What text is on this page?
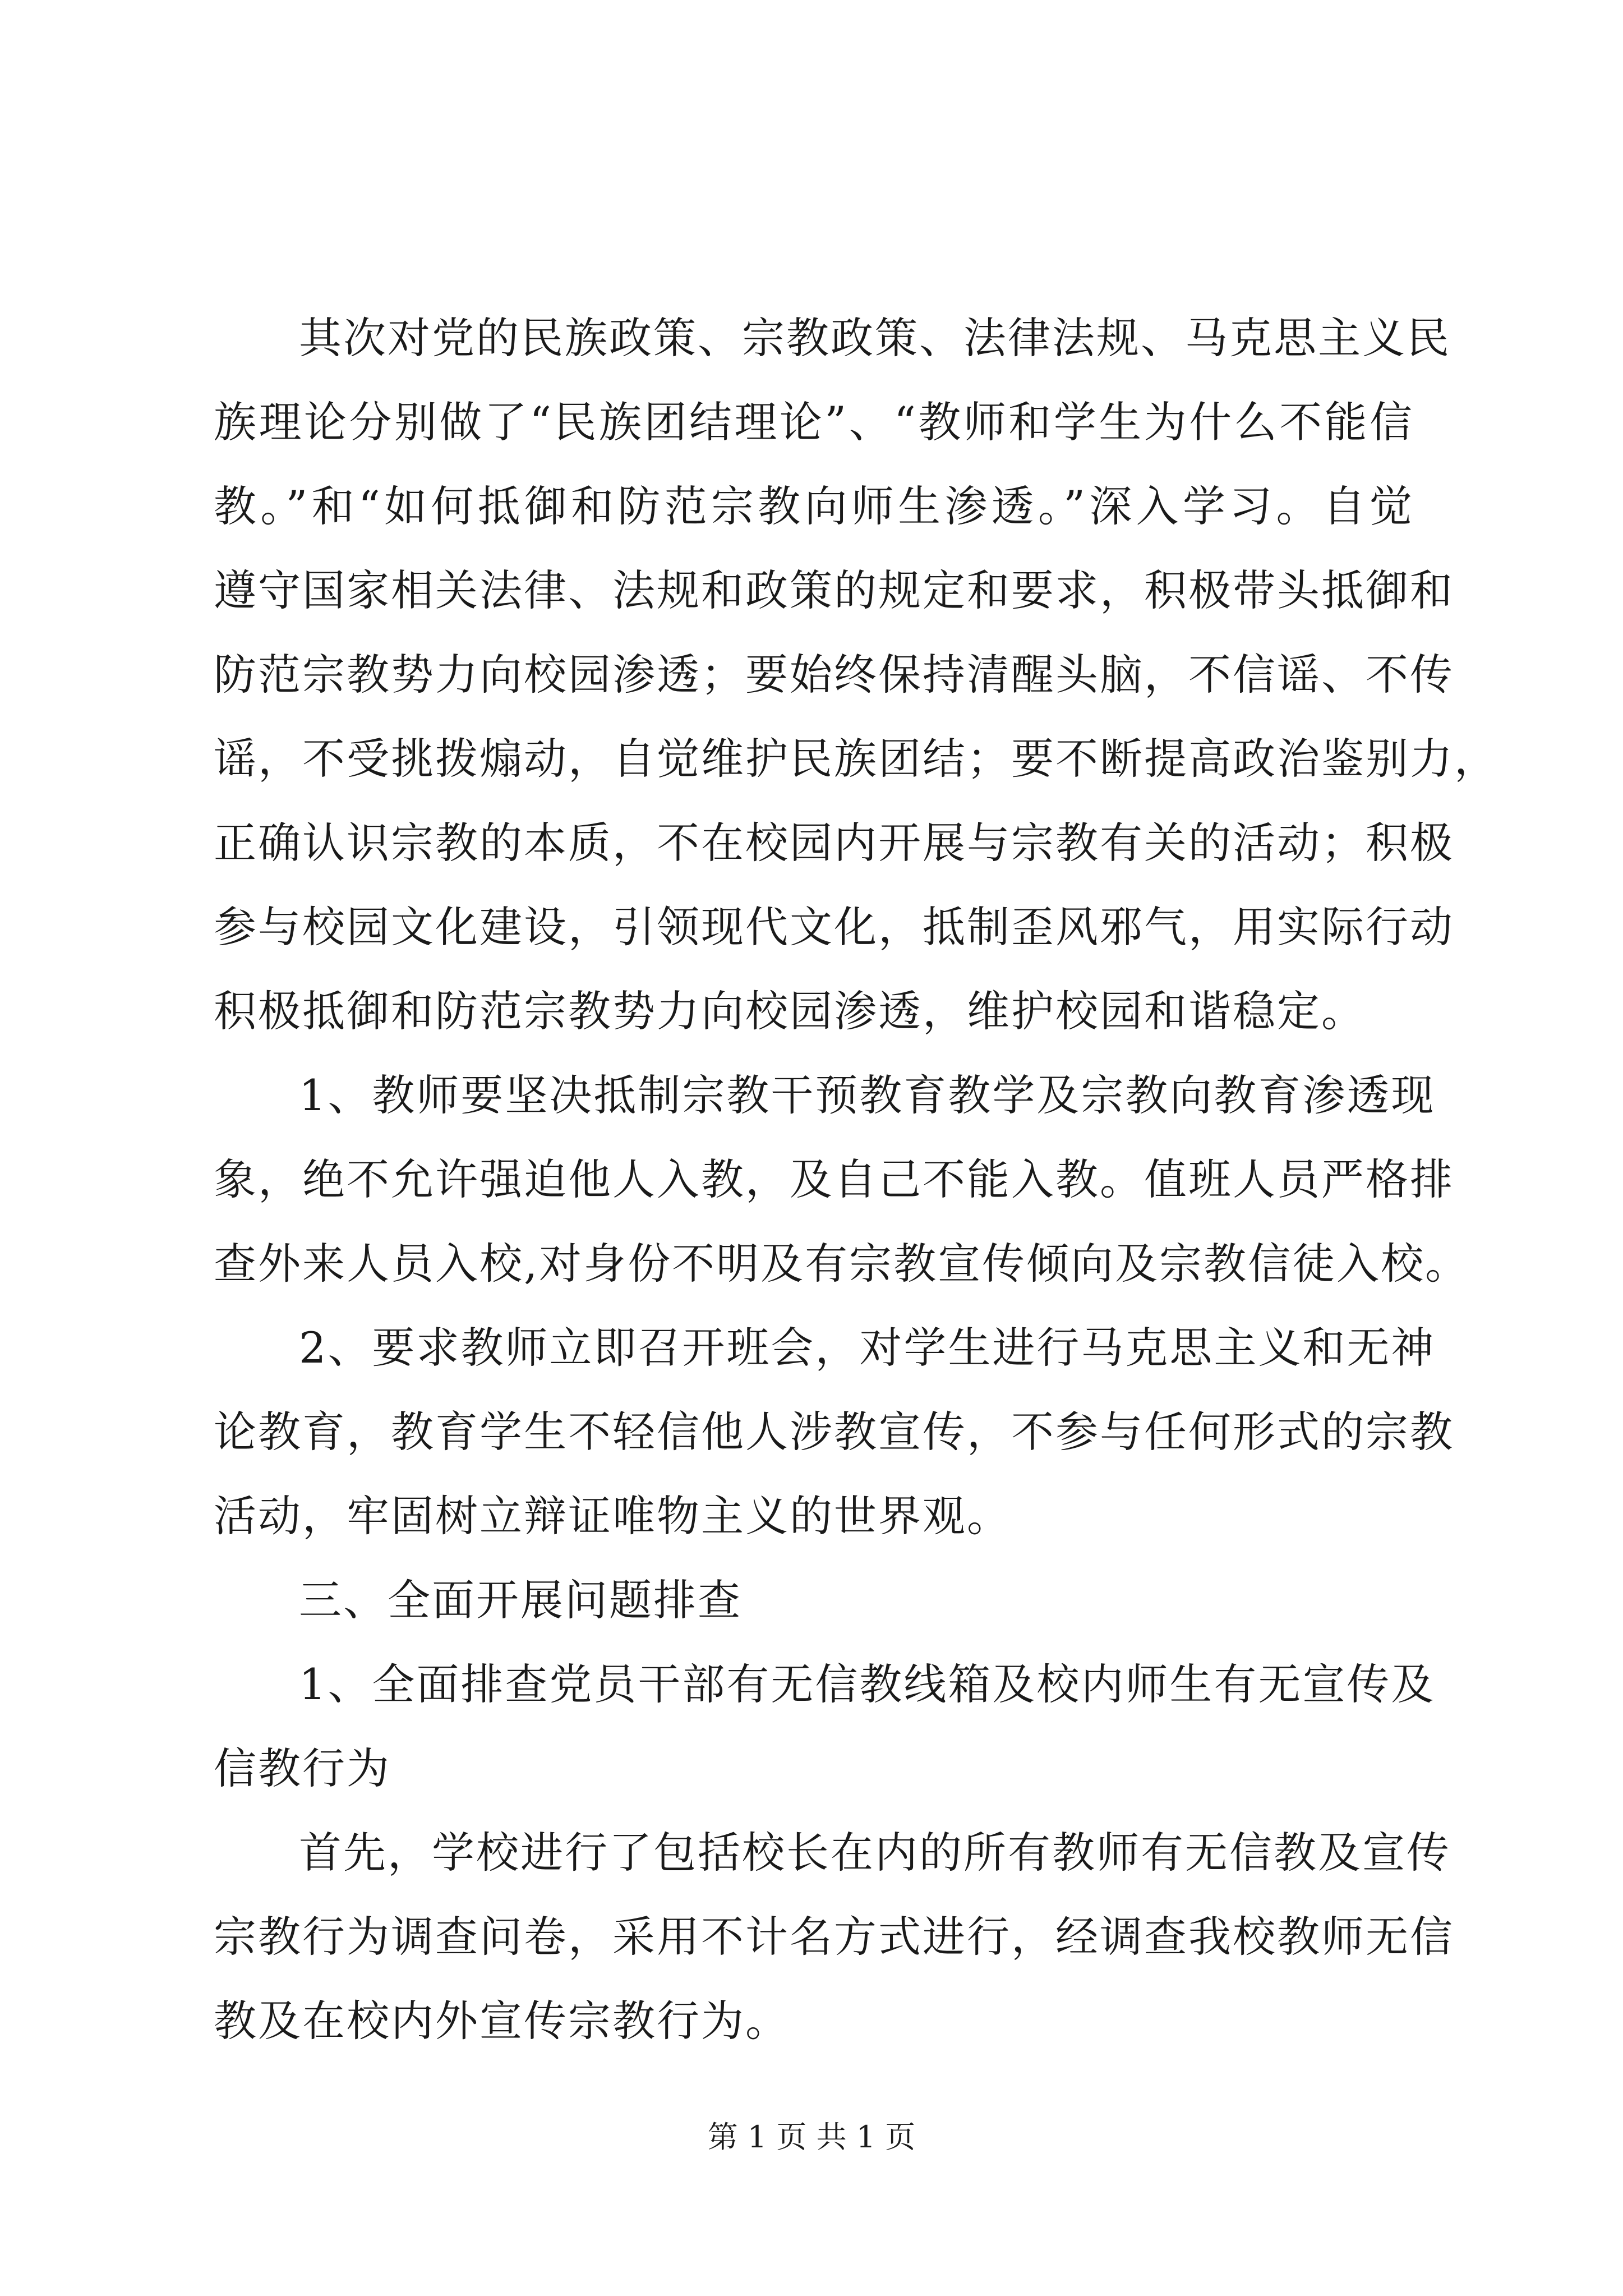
其次对党的民族政策、宗教政策、法律法规、马克思主义民
族理论分别做了“民族团结理论”、“教师和学生为什么不能信
教。”和“如何抵御和防范宗教向师生渗透。”深入学习。自觉
遵守国家相关法律、法规和政策的规定和要求，积极带头抵御和
防范宗教势力向校园渗透；要始终保持清醒头脑，不信谣、不传
谣，不受挑拨煽动，自觉维护民族团结；要不断提高政治鉴别力，
正确认识宗教的本质，不在校园内开展与宗教有关的活动；积极
参与校园文化建设，引领现代文化，抵制歪风邪气，用实际行动
积极抵御和防范宗教势力向校园渗透，维护校园和谐稳定。
1、教师要坚决抵制宗教干预教育教学及宗教向教育渗透现
象，绝不允许强迫他人入教，及自己不能入教。值班人员严格排
查外来人员入校,对身份不明及有宗教宣传倾向及宗教信徒入校。
2、要求教师立即召开班会，对学生进行马克思主义和无神
论教育，教育学生不轻信他人涉教宣传，不参与任何形式的宗教
活动，牢固树立辩证唯物主义的世界观。
三、全面开展问题排查
1、全面排查党员干部有无信教线箱及校内师生有无宣传及
信教行为
首先，学校进行了包括校长在内的所有教师有无信教及宣传
宗教行为调查问卷，采用不计名方式进行，经调查我校教师无信
教及在校内外宣传宗教行为。
第 1 页 共 1 页
